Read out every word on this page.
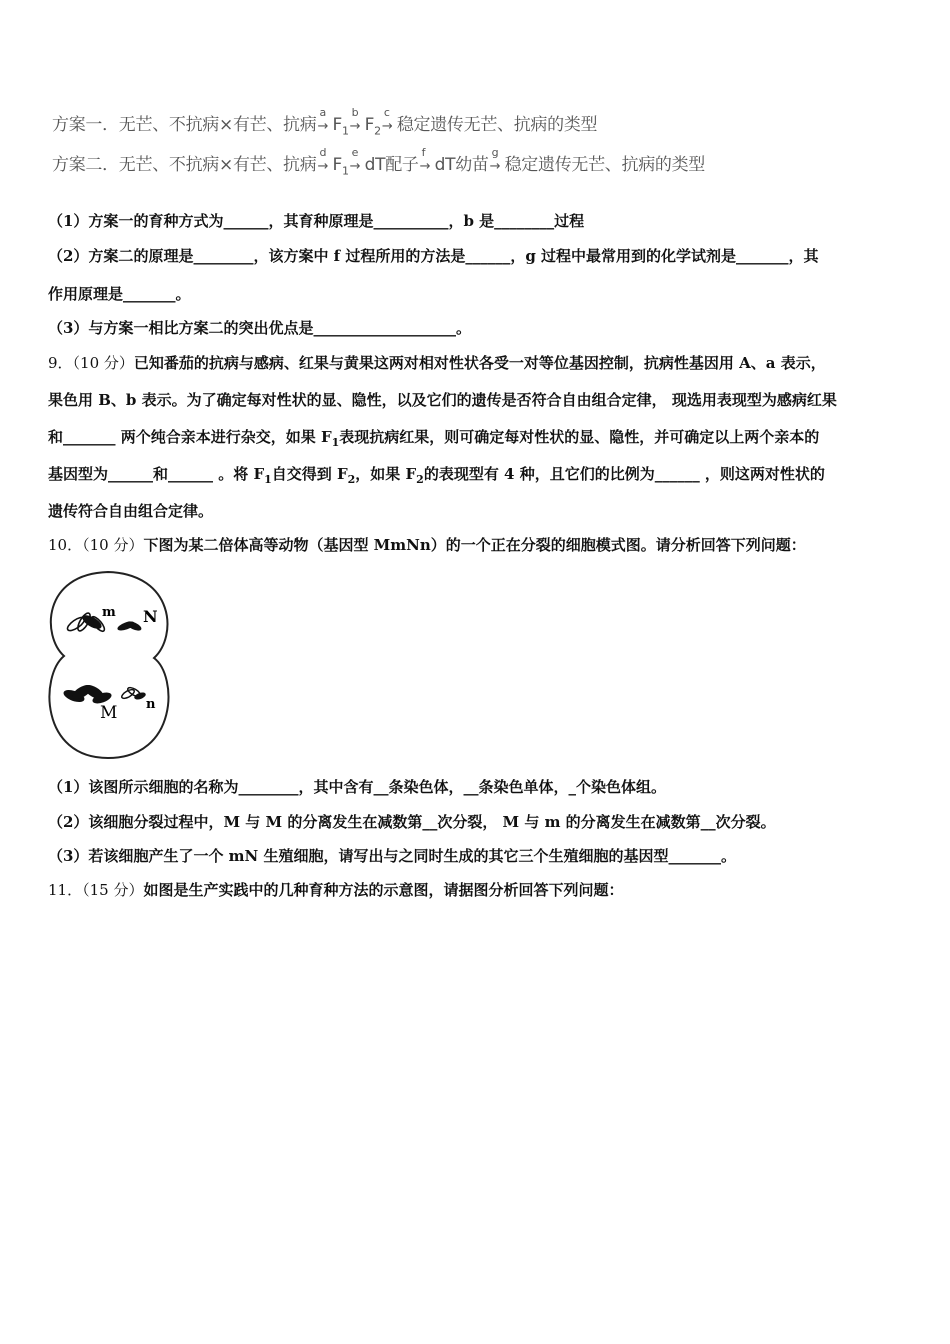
方案一．无芒、不抗病×有芒、抗病
a
→ $F_1$
b
→ $F_2$
c
→ 稳定遗传无芒、抗病的类型
方案二．无芒、不抗病×有芒、抗病
d
→ $F_1$
e
→ dT配子
f
→ dT幼苗
g
→ 稳定遗传无芒、抗病的类型
（1）方案一的育种方式为______，其育种原理是__________，b 是________过程
（2）方案二的原理是________，该方案中 f 过程所用的方法是______，g 过程中最常用到的化学试剂是_______，其
作用原理是_______。
（3）与方案一相比方案二的突出优点是___________________。
9．（10 分）已知番茄的抗病与感病、红果与黄果这两对相对性状各受一对等位基因控制，抗病性基因用 A、a 表示，
果色用 B、b 表示。为了确定每对性状的显、隐性，以及它们的遗传是否符合自由组合定律， 现选用表现型为感病红果
和_______ 两个纯合亲本进行杂交，如果 $F_1$表现抗病红果，则可确定每对性状的显、隐性，并可确定以上两个亲本的
基因型为______和______ 。将 $F_1$自交得到 $F_2$，如果 $F_2$的表现型有 4 种，且它们的比例为______ ，则这两对性状的
遗传符合自由组合定律。
10．（10 分）下图为某二倍体高等动物（基因型 MmNn）的一个正在分裂的细胞模式图。请分析回答下列问题：
m N
M n
（1）该图所示细胞的名称为________，其中含有__条染色体，__条染色单体，_个染色体组。
（2）该细胞分裂过程中，M 与 M 的分离发生在减数第__次分裂， M 与 m 的分离发生在减数第__次分裂。
（3）若该细胞产生了一个 mN 生殖细胞，请写出与之同时生成的其它三个生殖细胞的基因型_______。
11．（15 分）如图是生产实践中的几种育种方法的示意图，请据图分析回答下列问题：
